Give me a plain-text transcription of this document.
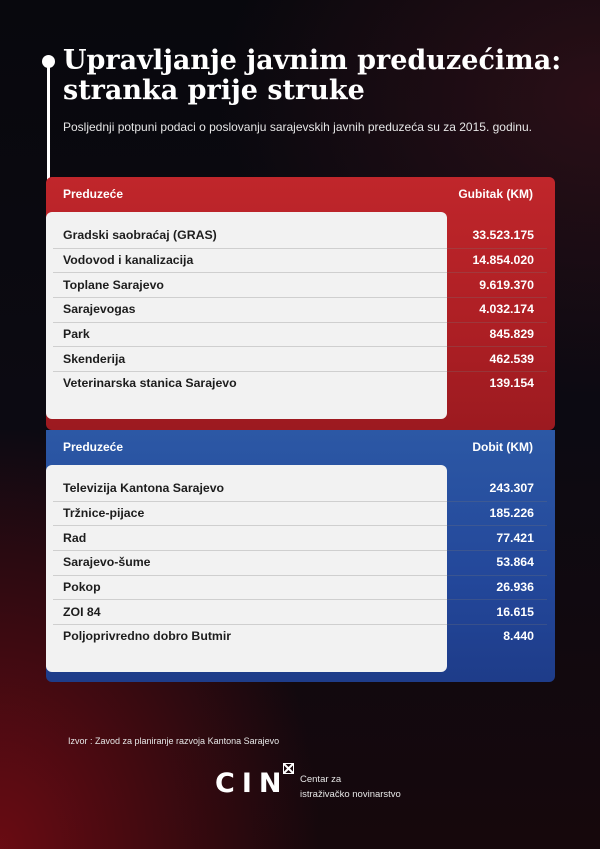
Upravljanje javnim preduzećima:
stranka prije struke
Posljednji potpuni podaci o poslovanju sarajevskih javnih preduzeća su za 2015. godinu.
Preduzeće	Gubitak (KM)
Gradski saobraćaj (GRAS)	33.523.175
Vodovod i kanalizacija	14.854.020
Toplane Sarajevo	9.619.370
Sarajevogas	4.032.174
Park	845.829
Skenderija	462.539
Veterinarska stanica Sarajevo	139.154
Preduzeće	Dobit (KM)
Televizija Kantona Sarajevo	243.307
Tržnice-pijace	185.226
Rad	77.421
Sarajevo-šume	53.864
Pokop	26.936
ZOI 84	16.615
Poljoprivredno dobro Butmir	8.440
Izvor : Zavod za planiranje razvoja Kantona Sarajevo
CIN Centar za
istraživačko novinarstvo
